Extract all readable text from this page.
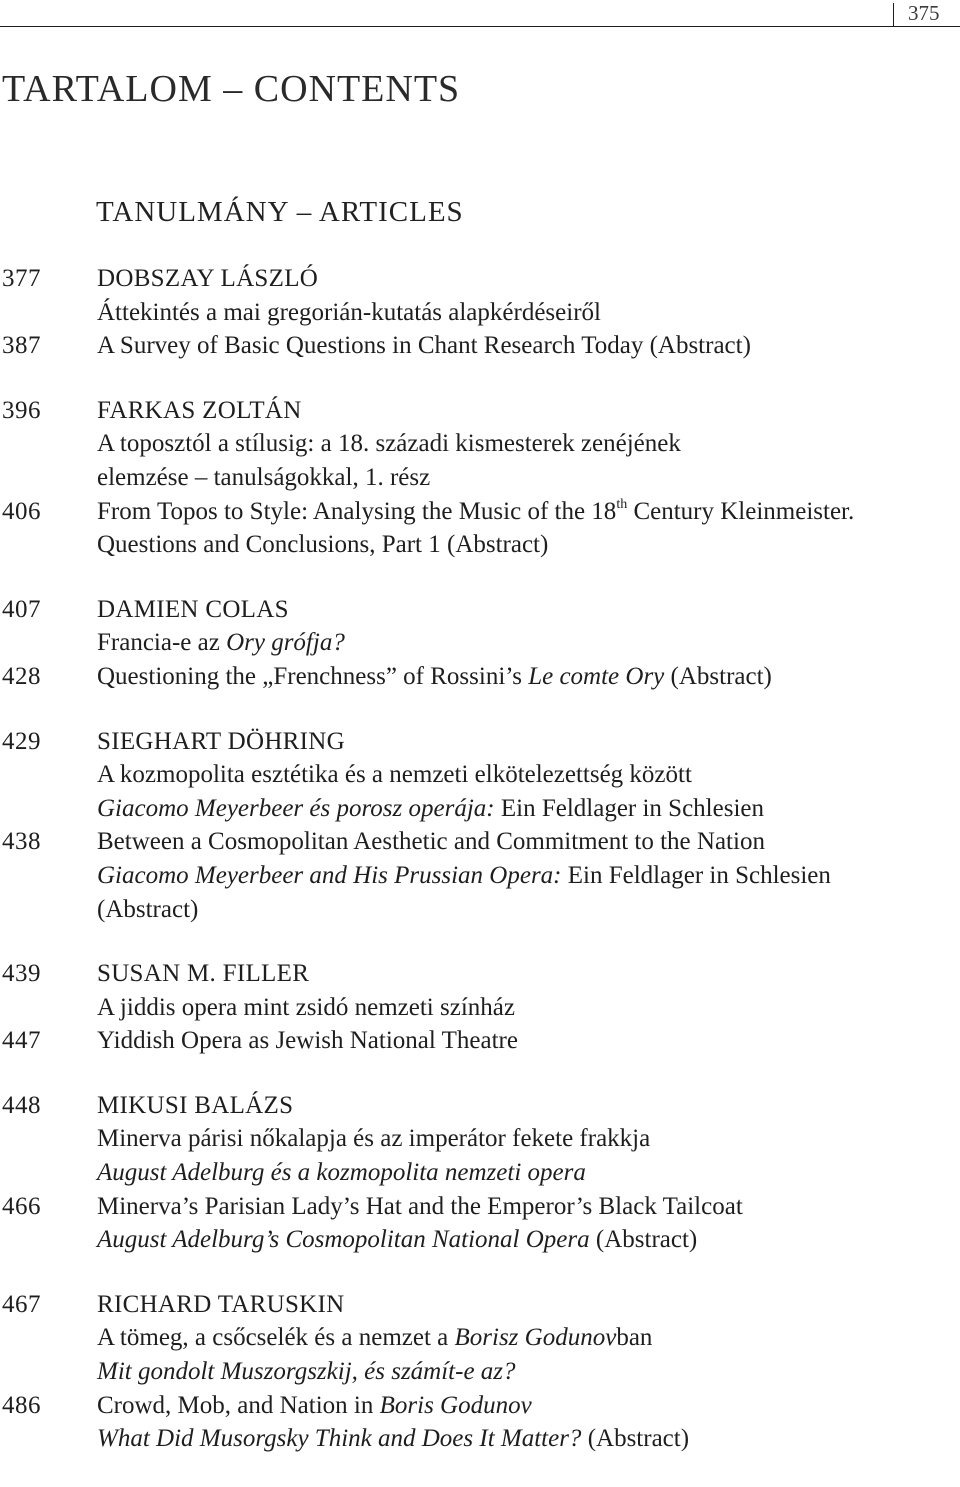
375
TARTALOM – CONTENTS
TANULMÁNY – ARTICLES
377 DOBSZAY LÁSZLÓ
Áttekintés a mai gregorián-kutatás alapkérdéseiről
387 A Survey of Basic Questions in Chant Research Today (Abstract)
396 FARKAS ZOLTÁN
A toposztól a stílusig: a 18. századi kismesterek zenéjének
elemzése – tanulságokkal, 1. rész
406 From Topos to Style: Analysing the Music of the 18th Century Kleinmeister.
Questions and Conclusions, Part 1 (Abstract)
407 DAMIEN COLAS
Francia-e az Ory grófja?
428 Questioning the „Frenchness” of Rossini’s Le comte Ory (Abstract)
429 SIEGHART DÖHRING
A kozmopolita esztétika és a nemzeti elkötelezettség között
Giacomo Meyerbeer és porosz operája: Ein Feldlager in Schlesien
438 Between a Cosmopolitan Aesthetic and Commitment to the Nation
Giacomo Meyerbeer and His Prussian Opera: Ein Feldlager in Schlesien
(Abstract)
439 SUSAN M. FILLER
A jiddis opera mint zsidó nemzeti színház
447 Yiddish Opera as Jewish National Theatre
448 MIKUSI BALÁZS
Minerva párisi nőkalapja és az imperátor fekete frakkja
August Adelburg és a kozmopolita nemzeti opera
466 Minerva’s Parisian Lady’s Hat and the Emperor’s Black Tailcoat
August Adelburg’s Cosmopolitan National Opera (Abstract)
467 RICHARD TARUSKIN
A tömeg, a csőcselék és a nemzet a Borisz Godunovban
Mit gondolt Muszorgszkij, és számít-e az?
486 Crowd, Mob, and Nation in Boris Godunov
What Did Musorgsky Think and Does It Matter? (Abstract)
